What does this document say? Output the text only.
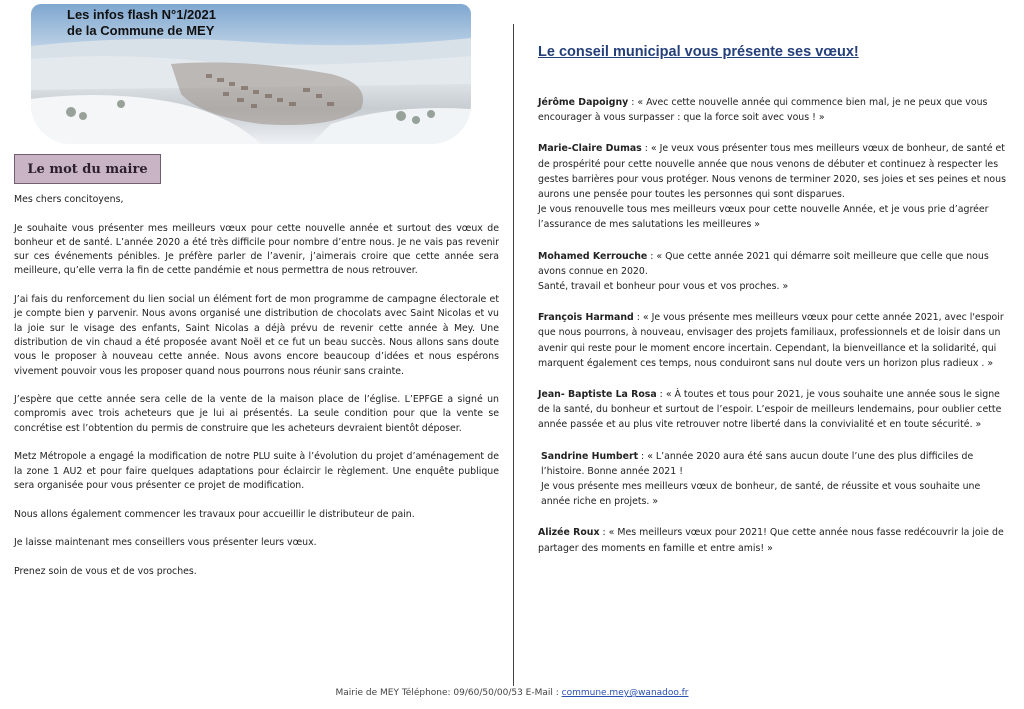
Les infos flash N°1/2021
de la Commune de MEY
Le mot du maire

Mes chers concitoyens,

Je souhaite vous présenter mes meilleurs vœux pour cette nouvelle année et surtout des vœux de bonheur et de santé. L’année 2020 a été très difficile pour nombre d’entre nous. Je ne vais pas revenir sur ces événements pénibles. Je préfère parler de l’avenir, j’aimerais croire que cette année sera meilleure, qu’elle verra la fin de cette pandémie et nous permettra de nous retrouver.

J’ai fais du renforcement du lien social un élément fort de mon programme de campagne électorale et je compte bien y parvenir. Nous avons organisé une distribution de chocolats avec Saint Nicolas et vu la joie sur le visage des enfants, Saint Nicolas a déjà prévu de revenir cette année à Mey. Une distribution de vin chaud a été proposée avant Noël et ce fut un beau succès. Nous allons sans doute vous le proposer à nouveau cette année. Nous avons encore beaucoup d’idées et nous espérons vivement pouvoir vous les proposer quand nous pourrons nous réunir sans crainte.

J’espère que cette année sera celle de la vente de la maison place de l’église. L’EPFGE a signé un compromis avec trois acheteurs que je lui ai présentés. La seule condition pour que la vente se concrétise est l’obtention du permis de construire que les acheteurs devraient bientôt déposer.

Metz Métropole a engagé la modification de notre PLU suite à l’évolution du projet d’aménagement de la zone 1 AU2 et pour faire quelques adaptations pour éclaircir le règlement. Une enquête publique sera organisée pour vous présenter ce projet de modification.

Nous allons également commencer les travaux pour accueillir le distributeur de pain.

Je laisse maintenant mes conseillers vous présenter leurs vœux.

Prenez soin de vous et de vos proches.

Le conseil municipal vous présente ses vœux!
Jérôme Dapoigny : « Avec cette nouvelle année qui commence bien mal, je ne peux que vous encourager à vous surpasser : que la force soit avec vous ! »
Marie-Claire Dumas : « Je veux vous présenter tous mes meilleurs vœux de bonheur, de santé et de prospérité pour cette nouvelle année que nous venons de débuter et continuez à respecter les gestes barrières pour vous protéger. Nous venons de terminer 2020, ses joies et ses peines et nous aurons une pensée pour toutes les personnes qui sont disparues.
Je vous renouvelle tous mes meilleurs vœux pour cette nouvelle Année, et je vous prie d’agréer l’assurance de mes salutations les meilleures »
Mohamed Kerrouche : « Que cette année 2021 qui démarre soit meilleure que celle que nous avons connue en 2020.
Santé, travail et bonheur pour vous et vos proches. »
François Harmand : « Je vous présente mes meilleurs vœux pour cette année 2021, avec l'espoir que nous pourrons, à nouveau, envisager des projets familiaux, professionnels et de loisir dans un avenir qui reste pour le moment encore incertain. Cependant, la bienveillance et la solidarité, qui marquent également ces temps, nous conduiront sans nul doute vers un horizon plus radieux . »
Jean- Baptiste La Rosa : « À toutes et tous pour 2021, je vous souhaite une année sous le signe de la santé, du bonheur et surtout de l’espoir. L’espoir de meilleurs lendemains, pour oublier cette année passée et au plus vite retrouver notre liberté dans la convivialité et en toute sécurité. »
Sandrine Humbert : « L’année 2020 aura été sans aucun doute l’une des plus difficiles de l’histoire. Bonne année 2021 !
Je vous présente mes meilleurs vœux de bonheur, de santé, de réussite et vous souhaite une année riche en projets. »
Alizée Roux : « Mes meilleurs vœux pour 2021! Que cette année nous fasse redécouvrir la joie de partager des moments en famille et entre amis! »
Mairie de MEY Téléphone: 09/60/50/00/53 E-Mail : commune.mey@wanadoo.fr
